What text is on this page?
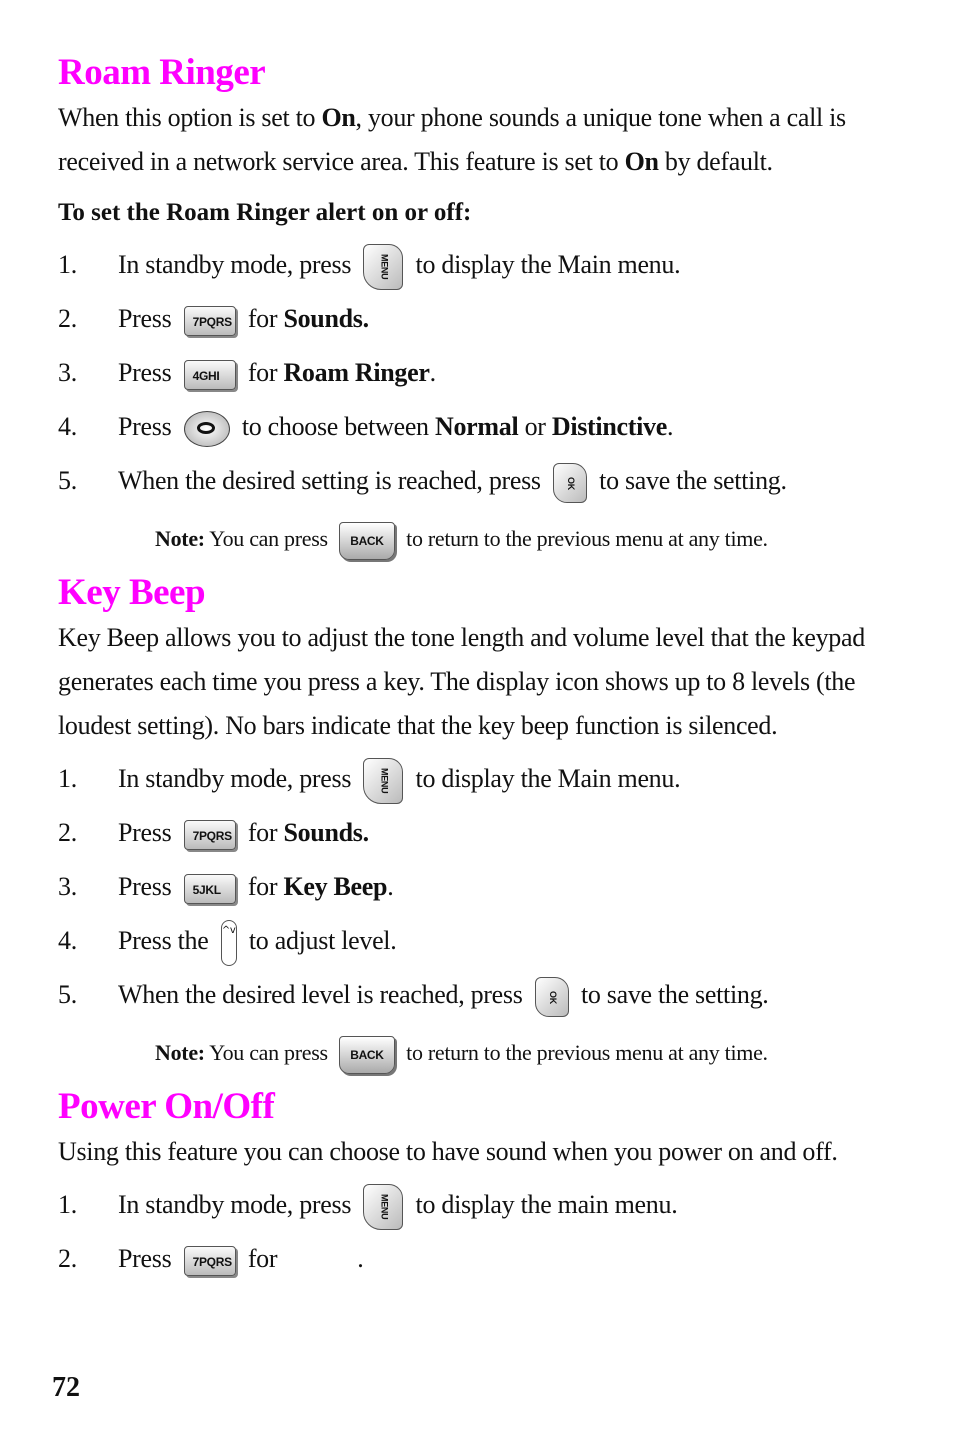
Roam Ringer

When this option is set to On, your phone sounds a unique tone when a call is received in a network service area. This feature is set to On by default.

To set the Roam Ringer alert on or off:
1. In standby mode, press	MENU to display the Main menu.
2. Press 7PQRS for Sounds.
3. Press 4GHI for Roam Ringer.
4. Press	to choose between Normal or Distinctive.
5. When the desired setting is reached, press	OK to save the setting.
Note: You can press BACK to return to the previous menu at any time.
Key Beep

Key Beep allows you to adjust the tone length and volume level that the keypad generates each time you press a key. The display icon shows up to 8 levels (the loudest setting). No bars indicate that the key beep function is silenced.

1. In standby mode, press	MENU to display the Main menu.
2. Press 7PQRS for Sounds.
3. Press 5JKL for Key Beep.
4. Press the ^v to adjust level.
5. When the desired level is reached, press	OK to save the setting.
Note: You can press BACK to return to the previous menu at any time.
Power On/Off

Using this feature you can choose to have sound when you power on and off.

1. In standby mode, press	MENU to display the main menu.
2. Press 7PQRS for	.
72
